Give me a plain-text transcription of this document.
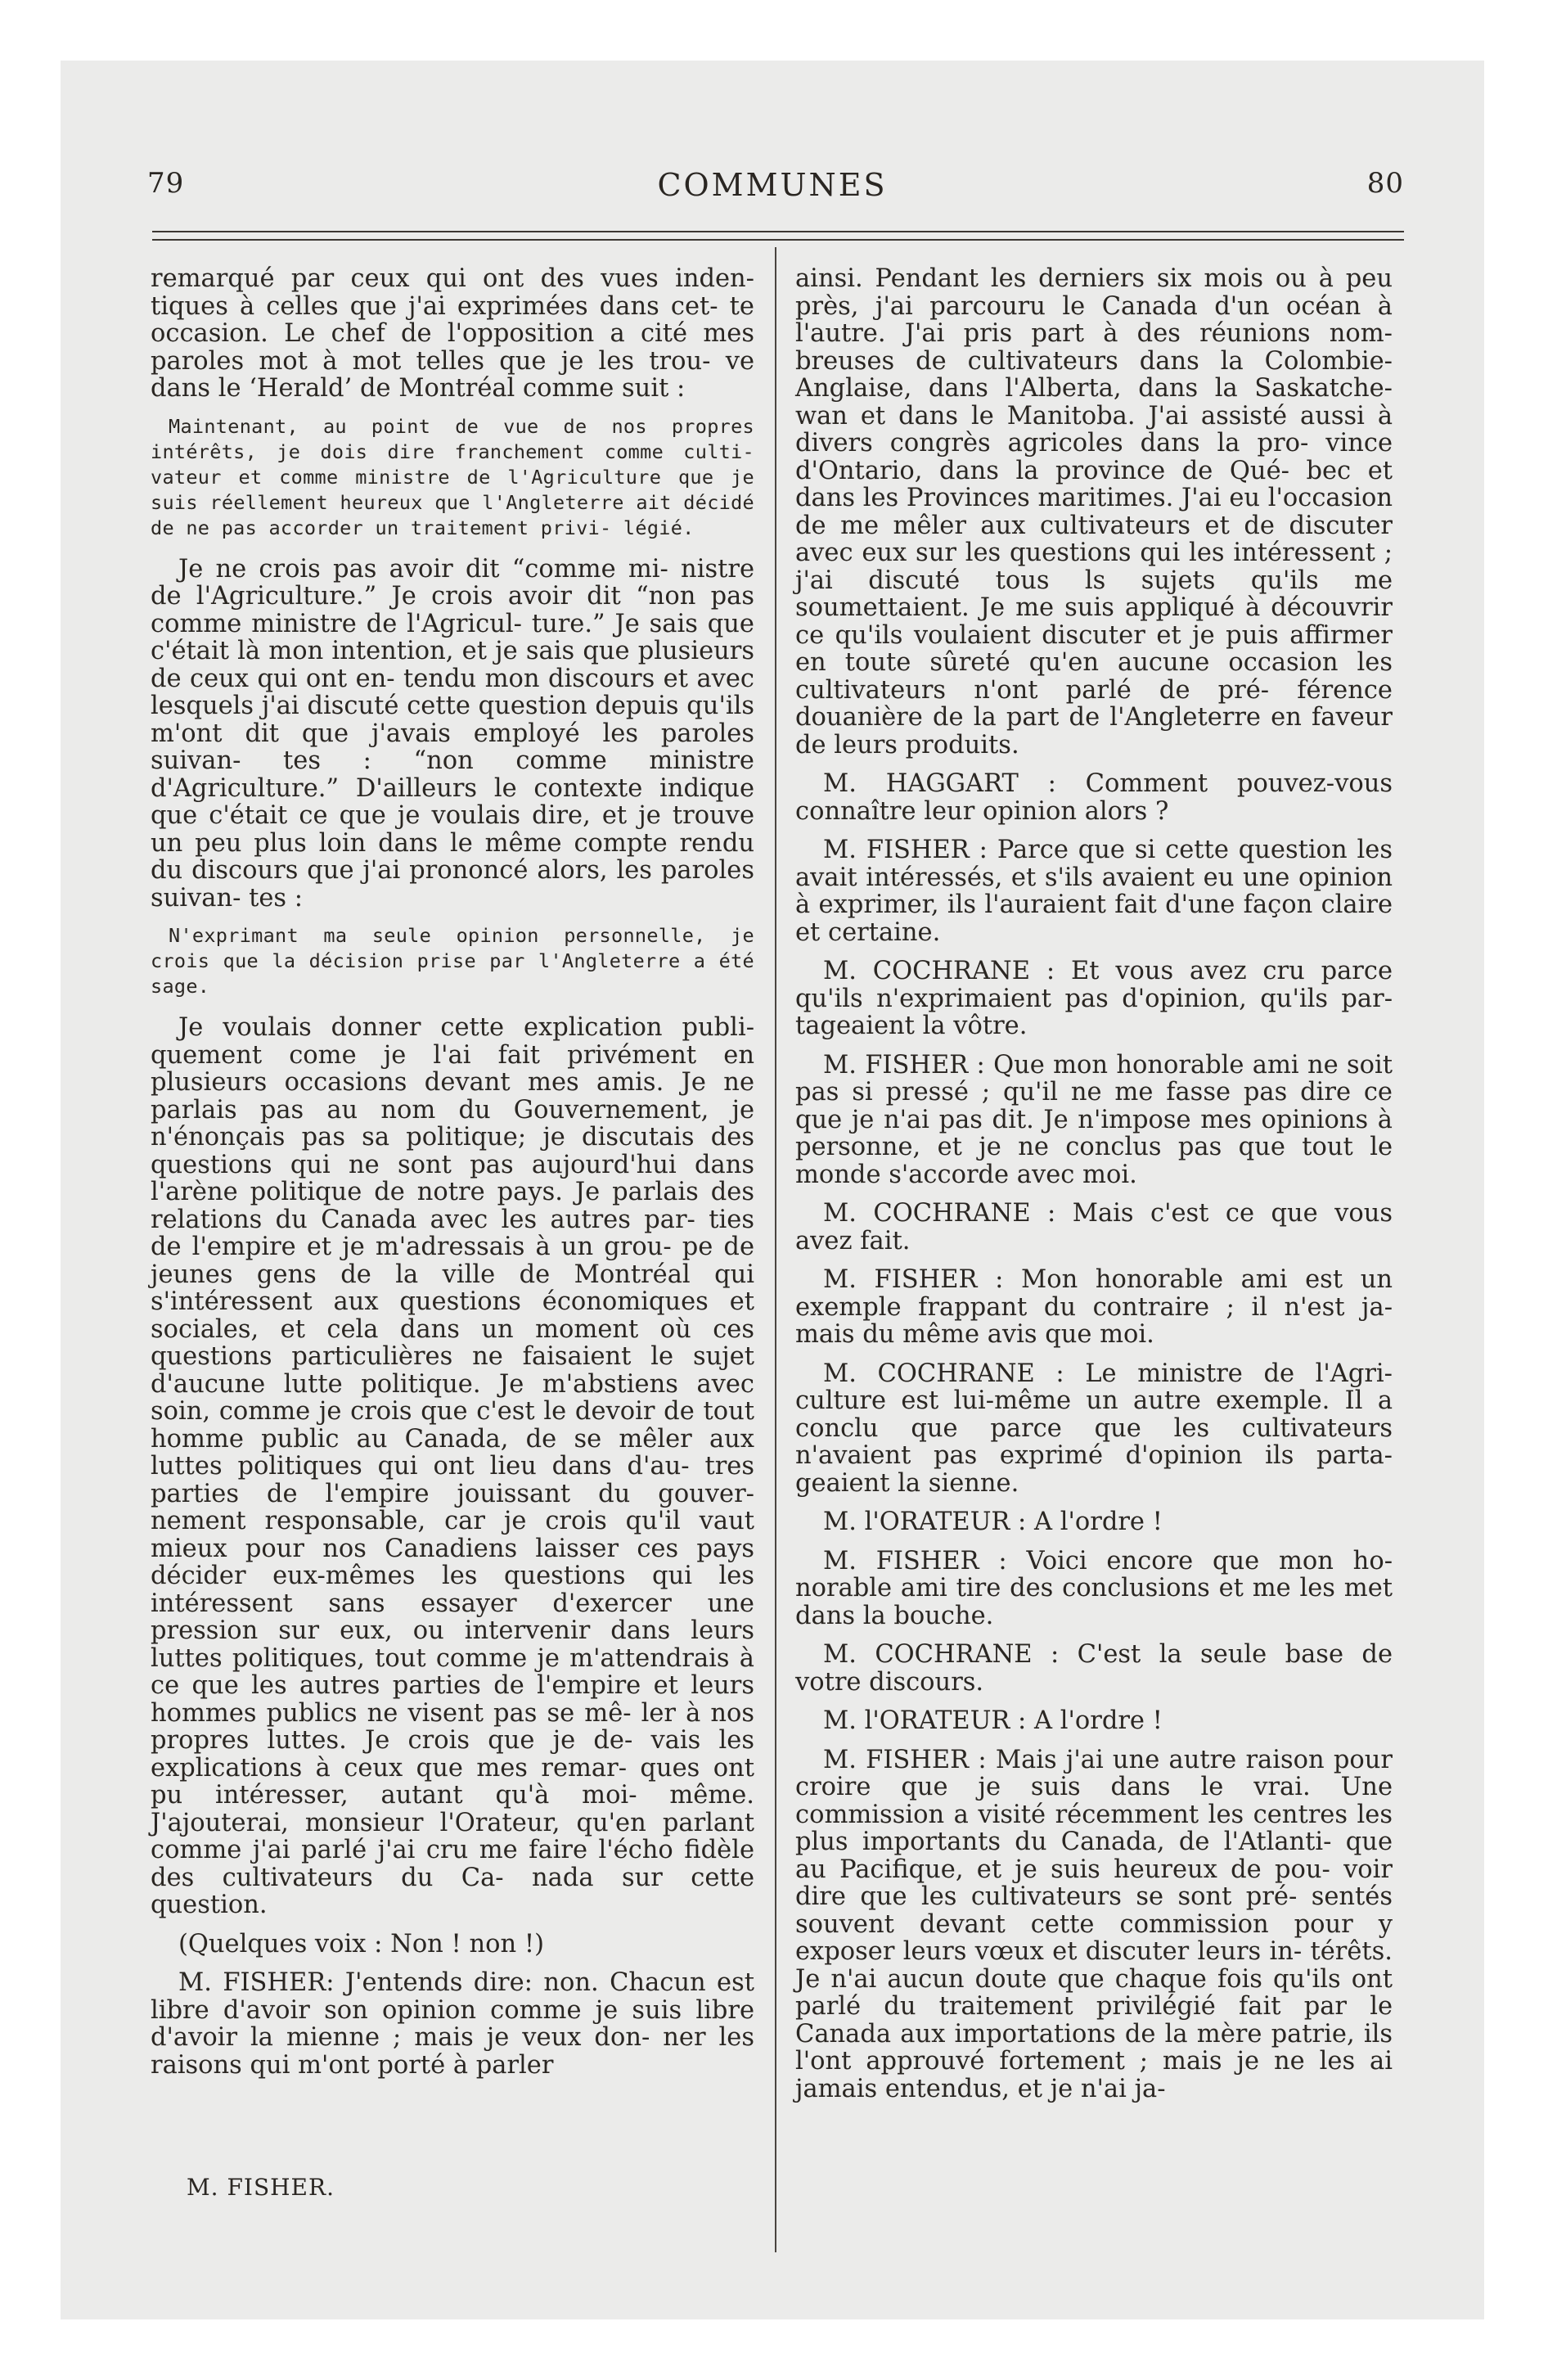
79	COMMUNES	80

remarqué par ceux qui ont des vues inden- tiques à celles que j'ai exprimées dans cet- te occasion. Le chef de l'opposition a cité mes paroles mot à mot telles que je les trou- ve dans le ‘Herald’ de Montréal comme suit :

Maintenant, au point de vue de nos propres intérêts, je dois dire franchement comme culti- vateur et comme ministre de l'Agriculture que je suis réellement heureux que l'Angleterre ait décidé de ne pas accorder un traitement privi- légié.

Je ne crois pas avoir dit “comme mi- nistre de l'Agriculture.” Je crois avoir dit “non pas comme ministre de l'Agricul- ture.” Je sais que c'était là mon intention, et je sais que plusieurs de ceux qui ont en- tendu mon discours et avec lesquels j'ai discuté cette question depuis qu'ils m'ont dit que j'avais employé les paroles suivan- tes : “non comme ministre d'Agriculture.” D'ailleurs le contexte indique que c'était ce que je voulais dire, et je trouve un peu plus loin dans le même compte rendu du discours que j'ai prononcé alors, les paroles suivan- tes :

N'exprimant ma seule opinion personnelle, je crois que la décision prise par l'Angleterre a été sage.

Je voulais donner cette explication publi- quement come je l'ai fait privément en plusieurs occasions devant mes amis. Je ne parlais pas au nom du Gouvernement, je n'énonçais pas sa politique; je discutais des questions qui ne sont pas aujourd'hui dans l'arène politique de notre pays. Je parlais des relations du Canada avec les autres par- ties de l'empire et je m'adressais à un grou- pe de jeunes gens de la ville de Montréal qui s'intéressent aux questions économiques et sociales, et cela dans un moment où ces questions particulières ne faisaient le sujet d'aucune lutte politique. Je m'abstiens avec soin, comme je crois que c'est le devoir de tout homme public au Canada, de se mêler aux luttes politiques qui ont lieu dans d'au- tres parties de l'empire jouissant du gouver- nement responsable, car je crois qu'il vaut mieux pour nos Canadiens laisser ces pays décider eux-mêmes les questions qui les intéressent sans essayer d'exercer une pression sur eux, ou intervenir dans leurs luttes politiques, tout comme je m'attendrais à ce que les autres parties de l'empire et leurs hommes publics ne visent pas se mê- ler à nos propres luttes. Je crois que je de- vais les explications à ceux que mes remar- ques ont pu intéresser, autant qu'à moi- même. J'ajouterai, monsieur l'Orateur, qu'en parlant comme j'ai parlé j'ai cru me faire l'écho fidèle des cultivateurs du Ca- nada sur cette question.

(Quelques voix : Non ! non !)

M. FISHER: J'entends dire: non. Chacun est libre d'avoir son opinion comme je suis libre d'avoir la mienne ; mais je veux don- ner les raisons qui m'ont porté à parler

ainsi. Pendant les derniers six mois ou à peu près, j'ai parcouru le Canada d'un océan à l'autre. J'ai pris part à des réunions nom- breuses de cultivateurs dans la Colombie- Anglaise, dans l'Alberta, dans la Saskatche- wan et dans le Manitoba. J'ai assisté aussi à divers congrès agricoles dans la pro- vince d'Ontario, dans la province de Qué- bec et dans les Provinces maritimes. J'ai eu l'occasion de me mêler aux cultivateurs et de discuter avec eux sur les questions qui les intéressent ; j'ai discuté tous ls sujets qu'ils me soumettaient. Je me suis appliqué à découvrir ce qu'ils voulaient discuter et je puis affirmer en toute sûreté qu'en aucune occasion les cultivateurs n'ont parlé de pré- férence douanière de la part de l'Angleterre en faveur de leurs produits.

M. HAGGART : Comment pouvez-vous connaître leur opinion alors ?

M. FISHER : Parce que si cette question les avait intéressés, et s'ils avaient eu une opinion à exprimer, ils l'auraient fait d'une façon claire et certaine.

M. COCHRANE : Et vous avez cru parce qu'ils n'exprimaient pas d'opinion, qu'ils par- tageaient la vôtre.

M. FISHER : Que mon honorable ami ne soit pas si pressé ; qu'il ne me fasse pas dire ce que je n'ai pas dit. Je n'impose mes opinions à personne, et je ne conclus pas que tout le monde s'accorde avec moi.

M. COCHRANE : Mais c'est ce que vous avez fait.

M. FISHER : Mon honorable ami est un exemple frappant du contraire ; il n'est ja- mais du même avis que moi.

M. COCHRANE : Le ministre de l'Agri- culture est lui-même un autre exemple. Il a conclu que parce que les cultivateurs n'avaient pas exprimé d'opinion ils parta- geaient la sienne.

M. l'ORATEUR : A l'ordre !

M. FISHER : Voici encore que mon ho- norable ami tire des conclusions et me les met dans la bouche.

M. COCHRANE : C'est la seule base de votre discours.

M. l'ORATEUR : A l'ordre !

M. FISHER : Mais j'ai une autre raison pour croire que je suis dans le vrai. Une commission a visité récemment les centres les plus importants du Canada, de l'Atlanti- que au Pacifique, et je suis heureux de pou- voir dire que les cultivateurs se sont pré- sentés souvent devant cette commission pour y exposer leurs vœux et discuter leurs in- térêts. Je n'ai aucun doute que chaque fois qu'ils ont parlé du traitement privilégié fait par le Canada aux importations de la mère patrie, ils l'ont approuvé fortement ; mais je ne les ai jamais entendus, et je n'ai ja-

M. FISHER.
